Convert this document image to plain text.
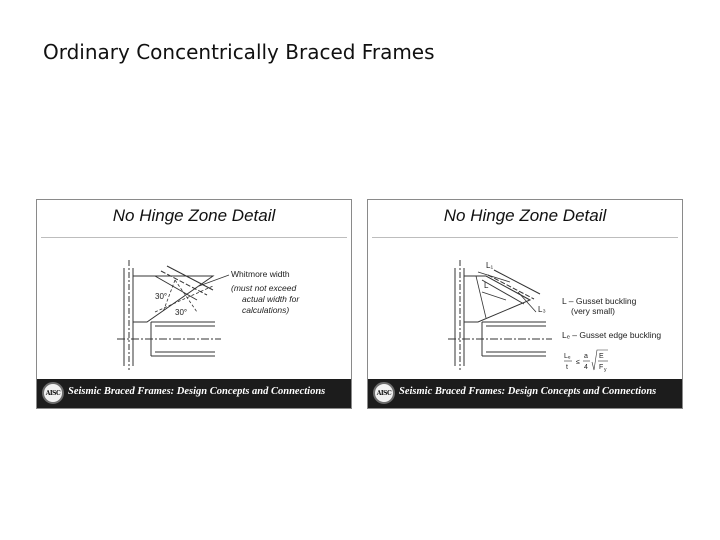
Ordinary Concentrically Braced Frames
No Hinge Zone Detail
30°
30°
Whitmore width
(must not exceed
actual width for
calculations)
AISC Seismic Braced Frames: Design Concepts and Connections
No Hinge Zone Detail
L₁
L
L₃
L – Gusset buckling
(very small)
Lₑ – Gusset edge buckling
Lₑ
t
≤
a
4
E
F y
AISC Seismic Braced Frames: Design Concepts and Connections
